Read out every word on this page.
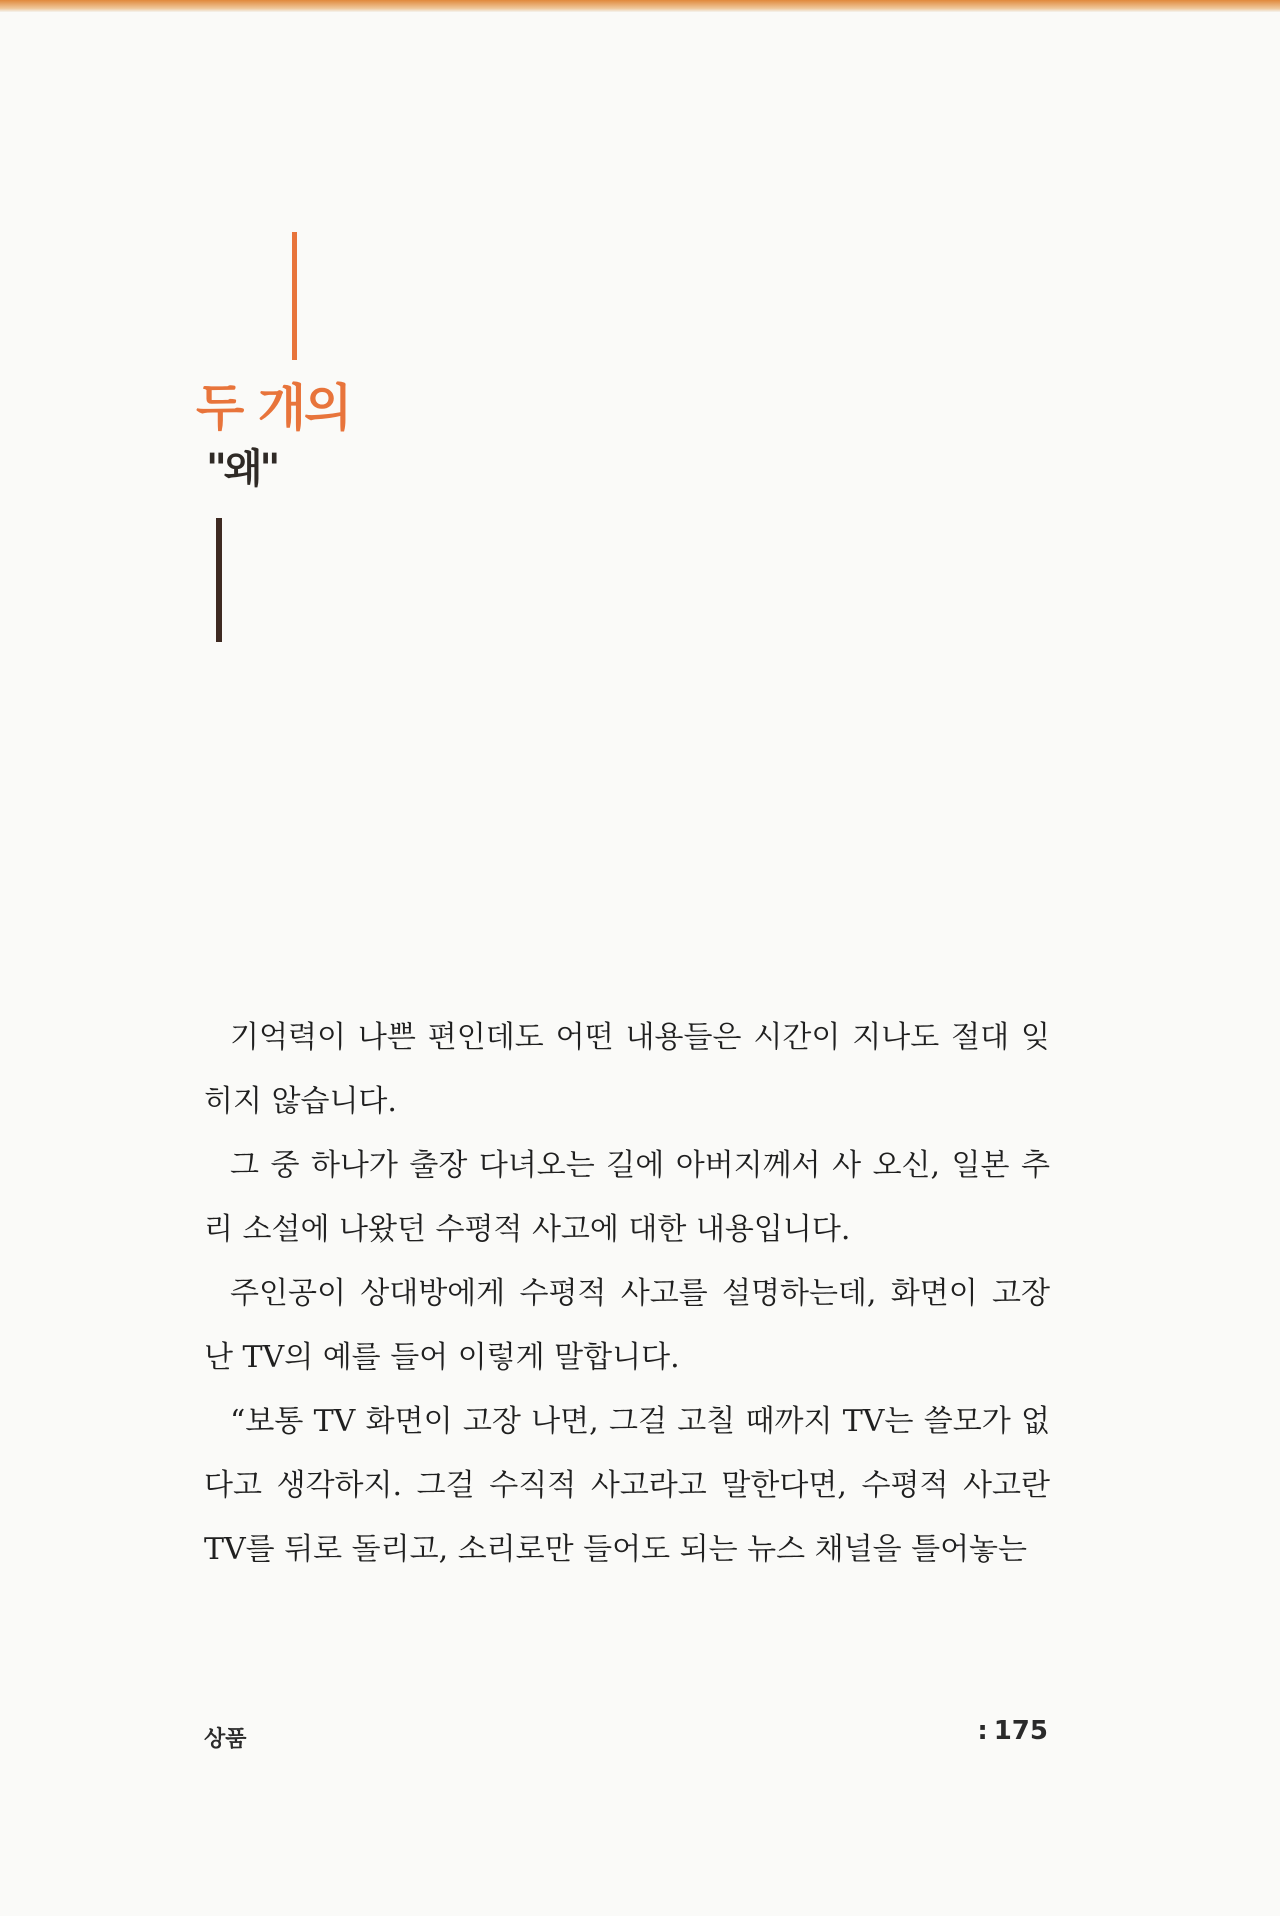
두 개의
"왜"

기억력이 나쁜 편인데도 어떤 내용들은 시간이 지나도 절대 잊히지 않습니다.

그 중 하나가 출장 다녀오는 길에 아버지께서 사 오신, 일본 추리 소설에 나왔던 수평적 사고에 대한 내용입니다.

주인공이 상대방에게 수평적 사고를 설명하는데, 화면이 고장 난 TV의 예를 들어 이렇게 말합니다.

“보통 TV 화면이 고장 나면, 그걸 고칠 때까지 TV는 쓸모가 없다고 생각하지. 그걸 수직적 사고라고 말한다면, 수평적 사고란 TV를 뒤로 돌리고, 소리로만 들어도 되는 뉴스 채널을 틀어놓는

상품	: 175
